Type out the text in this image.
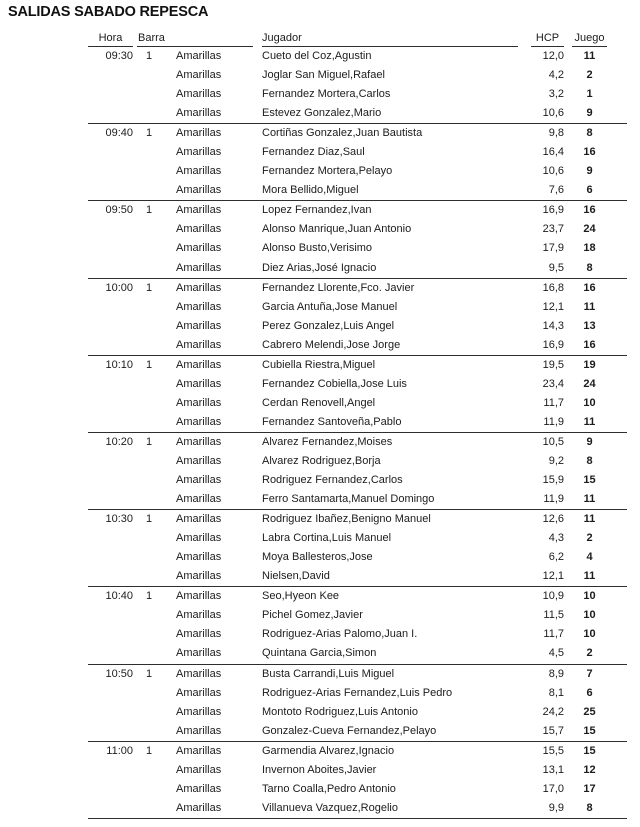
SALIDAS SABADO REPESCA
Hora	Barra	Jugador	HCP	Juego
09:30	1	Amarillas	Cueto del Coz,Agustin	12,0	11
Amarillas	Joglar San Miguel,Rafael	4,2	2
Amarillas	Fernandez Mortera,Carlos	3,2	1
Amarillas	Estevez Gonzalez,Mario	10,6	9
09:40	1	Amarillas	Cortiñas Gonzalez,Juan Bautista	9,8	8
Amarillas	Fernandez Diaz,Saul	16,4	16
Amarillas	Fernandez Mortera,Pelayo	10,6	9
Amarillas	Mora Bellido,Miguel	7,6	6
09:50	1	Amarillas	Lopez Fernandez,Ivan	16,9	16
Amarillas	Alonso Manrique,Juan Antonio	23,7	24
Amarillas	Alonso Busto,Verisimo	17,9	18
Amarillas	Diez Arias,José Ignacio	9,5	8
10:00	1	Amarillas	Fernandez Llorente,Fco. Javier	16,8	16
Amarillas	Garcia Antuña,Jose Manuel	12,1	11
Amarillas	Perez Gonzalez,Luis Angel	14,3	13
Amarillas	Cabrero Melendi,Jose Jorge	16,9	16
10:10	1	Amarillas	Cubiella Riestra,Miguel	19,5	19
Amarillas	Fernandez Cobiella,Jose Luis	23,4	24
Amarillas	Cerdan Renovell,Angel	11,7	10
Amarillas	Fernandez Santoveña,Pablo	11,9	11
10:20	1	Amarillas	Alvarez Fernandez,Moises	10,5	9
Amarillas	Alvarez Rodriguez,Borja	9,2	8
Amarillas	Rodriguez Fernandez,Carlos	15,9	15
Amarillas	Ferro Santamarta,Manuel Domingo	11,9	11
10:30	1	Amarillas	Rodriguez Ibañez,Benigno Manuel	12,6	11
Amarillas	Labra Cortina,Luis Manuel	4,3	2
Amarillas	Moya Ballesteros,Jose	6,2	4
Amarillas	Nielsen,David	12,1	11
10:40	1	Amarillas	Seo,Hyeon Kee	10,9	10
Amarillas	Pichel Gomez,Javier	11,5	10
Amarillas	Rodriguez-Arias Palomo,Juan I.	11,7	10
Amarillas	Quintana Garcia,Simon	4,5	2
10:50	1	Amarillas	Busta Carrandi,Luis Miguel	8,9	7
Amarillas	Rodriguez-Arias Fernandez,Luis Pedro	8,1	6
Amarillas	Montoto Rodriguez,Luis Antonio	24,2	25
Amarillas	Gonzalez-Cueva Fernandez,Pelayo	15,7	15
11:00	1	Amarillas	Garmendia Alvarez,Ignacio	15,5	15
Amarillas	Invernon Aboites,Javier	13,1	12
Amarillas	Tarno Coalla,Pedro Antonio	17,0	17
Amarillas	Villanueva Vazquez,Rogelio	9,9	8
